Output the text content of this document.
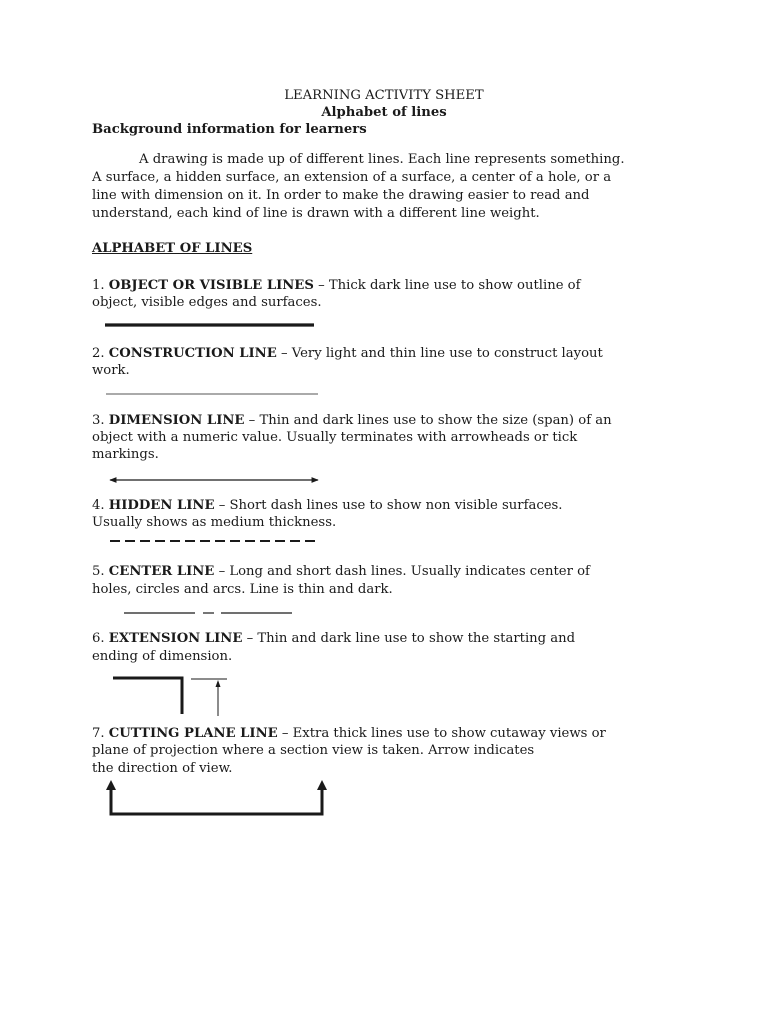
LEARNING ACTIVITY SHEET
Alphabet of lines
Background information for learners
A drawing is made up of different lines. Each line represents something.
A surface, a hidden surface, an extension of a surface, a center of a hole, or a
line with dimension on it. In order to make the drawing easier to read and
understand, each kind of line is drawn with a different line weight.
ALPHABET OF LINES
1. OBJECT OR VISIBLE LINES – Thick dark line use to show outline of
object, visible edges and surfaces.
2. CONSTRUCTION LINE – Very light and thin line use to construct layout
work.
3. DIMENSION LINE – Thin and dark lines use to show the size (span) of an
object with a numeric value. Usually terminates with arrowheads or tick
markings.
4. HIDDEN LINE – Short dash lines use to show non visible surfaces.
Usually shows as medium thickness.
5. CENTER LINE – Long and short dash lines. Usually indicates center of
holes, circles and arcs. Line is thin and dark.
6. EXTENSION LINE – Thin and dark line use to show the starting and
ending of dimension.
7. CUTTING PLANE LINE – Extra thick lines use to show cutaway views or
plane of projection where a section view is taken. Arrow indicates
the direction of view.
